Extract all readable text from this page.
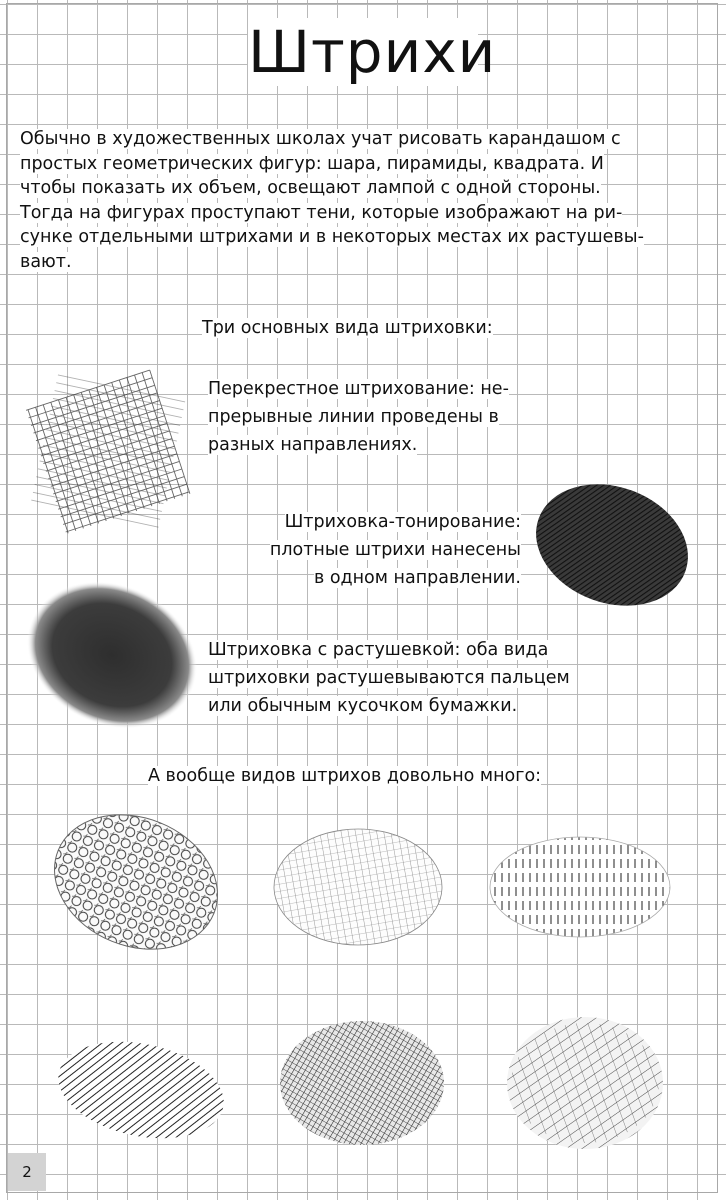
Штрихи

Обычно в художественных школах учат рисовать карандашом с
простых геометрических фигур: шара, пирамиды, квадрата. И
чтобы показать их объем, освещают лампой с одной стороны.
Тогда на фигурах проступают тени, которые изображают на ри-
сунке отдельными штрихами и в некоторых местах их растушевы-
вают.

Три основных вида штриховки:

Перекрестное штрихование: не-
прерывные линии проведены в
разных направлениях.
Штриховка-тонирование:
плотные штрихи нанесены
в одном направлении.
Штриховка с растушевкой: оба вида
штриховки растушевываются пальцем
или обычным кусочком бумажки.

А вообще видов штрихов довольно много:

2
